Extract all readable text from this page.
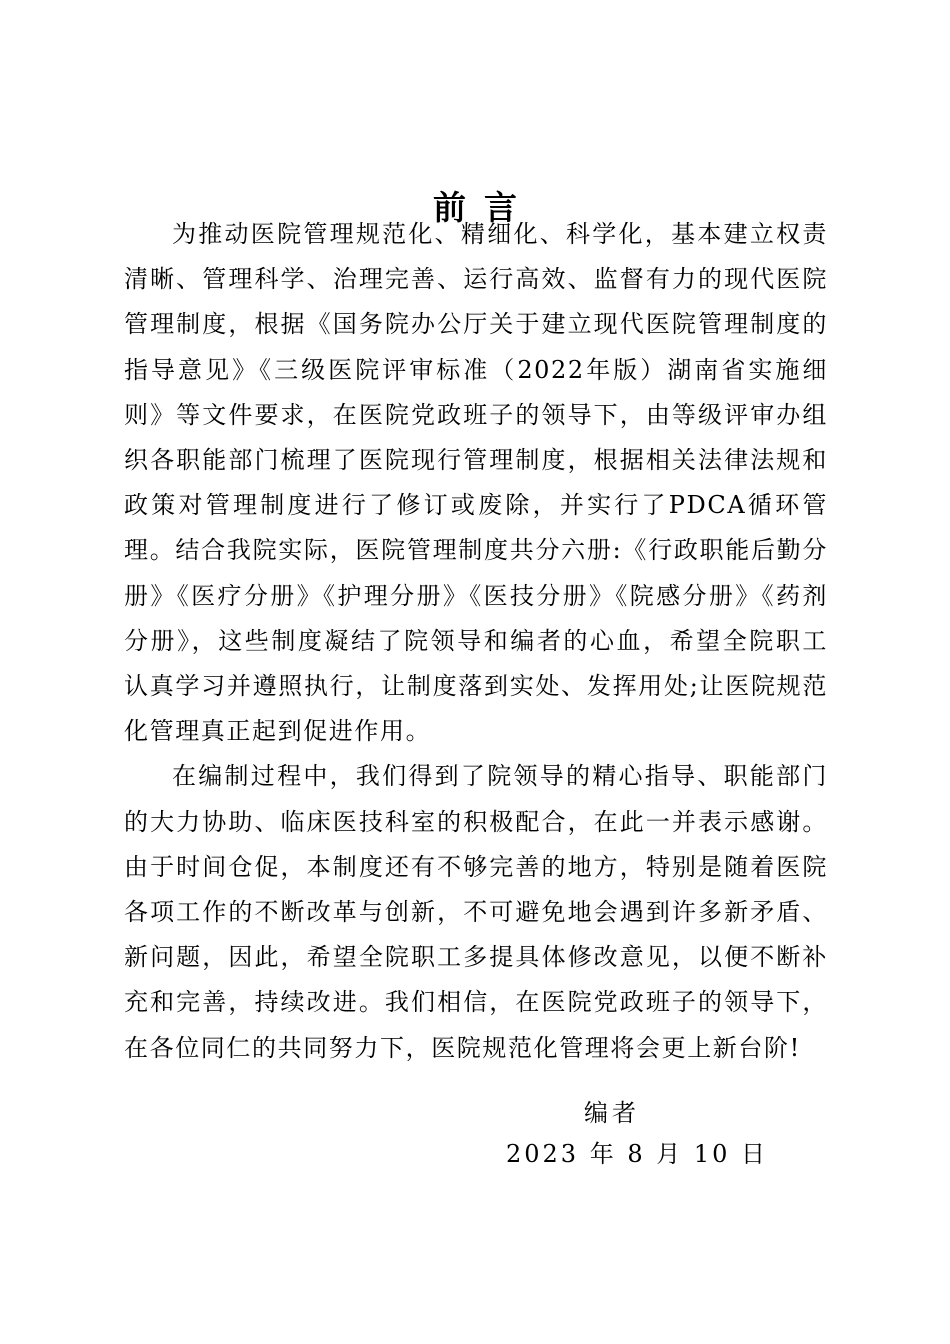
前言

为推动医院管理规范化、精细化、科学化，基本建立权责清晰、管理科学、治理完善、运行高效、监督有力的现代医院管理制度，根据《国务院办公厅关于建立现代医院管理制度的指导意见》《三级医院评审标准（2022年版）湖南省实施细则》等文件要求，在医院党政班子的领导下，由等级评审办组织各职能部门梳理了医院现行管理制度，根据相关法律法规和政策对管理制度进行了修订或废除，并实行了PDCA循环管理。结合我院实际，医院管理制度共分六册:《行政职能后勤分册》《医疗分册》《护理分册》《医技分册》《院感分册》《药剂分册》，这些制度凝结了院领导和编者的心血，希望全院职工认真学习并遵照执行，让制度落到实处、发挥用处;让医院规范化管理真正起到促进作用。

在编制过程中，我们得到了院领导的精心指导、职能部门的大力协助、临床医技科室的积极配合，在此一并表示感谢。由于时间仓促，本制度还有不够完善的地方，特别是随着医院各项工作的不断改革与创新，不可避免地会遇到许多新矛盾、新问题，因此，希望全院职工多提具体修改意见，以便不断补充和完善，持续改进。我们相信，在医院党政班子的领导下，在各位同仁的共同努力下，医院规范化管理将会更上新台阶!

编者
2023 年 8 月 10 日
